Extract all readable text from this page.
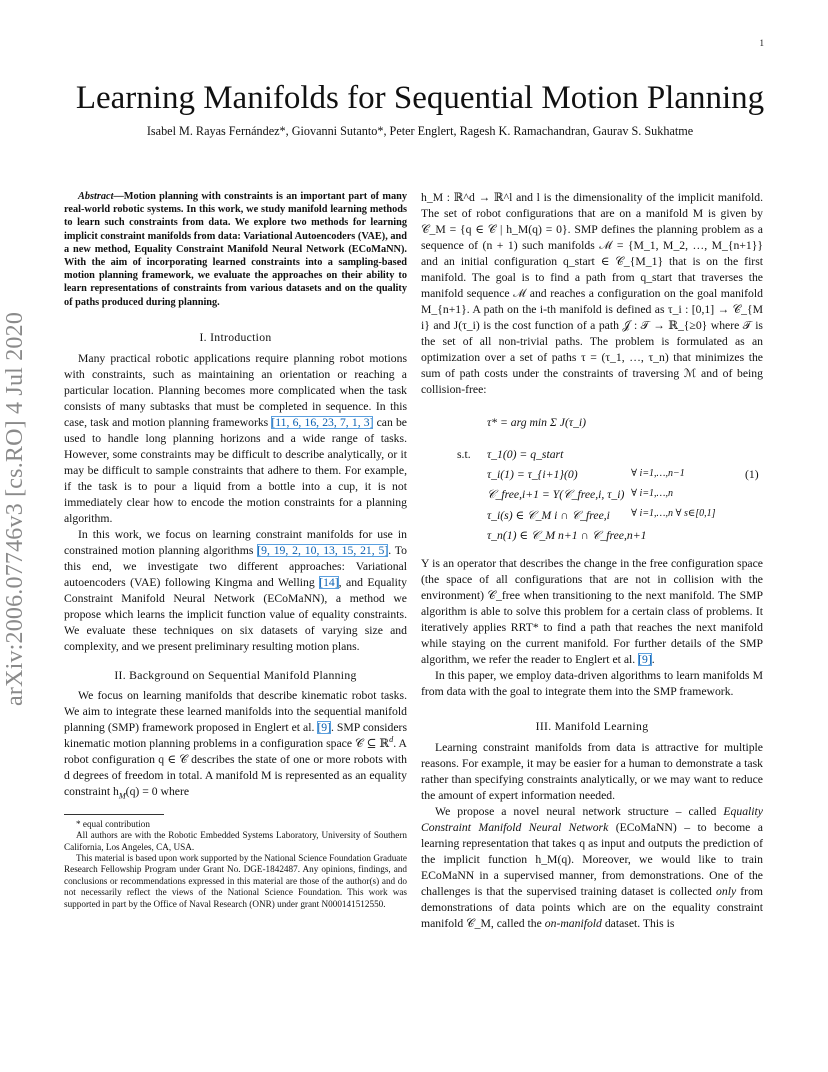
1
Learning Manifolds for Sequential Motion Planning
Isabel M. Rayas Fernández*, Giovanni Sutanto*, Peter Englert, Ragesh K. Ramachandran, Gaurav S. Sukhatme
arXiv:2006.07746v3 [cs.RO] 4 Jul 2020

Abstract—Motion planning with constraints is an important part of many real-world robotic systems. In this work, we study manifold learning methods to learn such constraints from data. We explore two methods for learning implicit constraint manifolds from data: Variational Autoencoders (VAE), and a new method, Equality Constraint Manifold Neural Network (ECoMaNN). With the aim of incorporating learned constraints into a sampling-based motion planning framework, we evaluate the approaches on their ability to learn representations of constraints from various datasets and on the quality of paths produced during planning.

I. Introduction

Many practical robotic applications require planning robot motions with constraints, such as maintaining an orientation or reaching a particular location. Planning becomes more complicated when the task consists of many subtasks that must be completed in sequence. In this case, task and motion planning frameworks [11, 6, 16, 23, 7, 1, 3] can be used to handle long planning horizons and a wide range of tasks. However, some constraints may be difficult to describe analytically, or it may be difficult to sample constraints that adhere to them. For example, if the task is to pour a liquid from a bottle into a cup, it is not immediately clear how to encode the motion constraints for a planning algorithm.

In this work, we focus on learning constraint manifolds for use in constrained motion planning algorithms [9, 19, 2, 10, 13, 15, 21, 5]. To this end, we investigate two different approaches: Variational autoencoders (VAE) following Kingma and Welling [14], and Equality Constraint Manifold Neural Network (ECoMaNN), a method we propose which learns the implicit function value of equality constraints. We evaluate these techniques on six datasets of varying size and complexity, and we present preliminary resulting motion plans.

II. Background on Sequential Manifold Planning

We focus on learning manifolds that describe kinematic robot tasks. We aim to integrate these learned manifolds into the sequential manifold planning (SMP) framework proposed in Englert et al. [9]. SMP considers kinematic motion planning problems in a configuration space 𝒞 ⊆ ℝ$^d$. A robot configuration q ∈ 𝒞 describes the state of one or more robots with d degrees of freedom in total. A manifold M is represented as an equality constraint $h_M(q) = 0$ where

* equal contribution
All authors are with the Robotic Embedded Systems Laboratory, University of Southern California, Los Angeles, CA, USA.
This material is based upon work supported by the National Science Foundation Graduate Research Fellowship Program under Grant No. DGE-1842487. Any opinions, findings, and conclusions or recommendations expressed in this material are those of the author(s) and do not necessarily reflect the views of the National Science Foundation. This work was supported in part by the Office of Naval Research (ONR) under grant N000141512550.

h_M : ℝ^d → ℝ^l and l is the dimensionality of the implicit manifold. The set of robot configurations that are on a manifold M is given by 𝒞_M = {q ∈ 𝒞 | h_M(q) = 0}. SMP defines the planning problem as a sequence of (n + 1) such manifolds ℳ = {M_1, M_2, …, M_{n+1}} and an initial configuration q_start ∈ 𝒞_{M_1} that is on the first manifold. The goal is to find a path from q_start that traverses the manifold sequence ℳ and reaches a configuration on the goal manifold M_{n+1}. A path on the i-th manifold is defined as τ_i : [0,1] → 𝒞_{M i} and J(τ_i) is the cost function of a path 𝒥 : 𝒯 → ℝ_{≥0} where 𝒯 is the set of all non-trivial paths. The problem is formulated as an optimization over a set of paths τ = (τ_1, …, τ_n) that minimizes the sum of path costs under the constraints of traversing ℳ and of being collision-free:

τ* = arg min Σ J(τ_i)
s.t. τ_1(0) = q_start
τ_i(1) = τ_{i+1}(0)
𝒞_free,i+1 = Υ(𝒞_free,i, τ_i)
τ_i(s) ∈ 𝒞_M i ∩ 𝒞_free,i
τ_n(1) ∈ 𝒞_M n+1 ∩ 𝒞_free,n+1
∀ i=1,…,n−1
∀ i=1,…,n
∀ i=1,…,n ∀ s∈[0,1]
(1)

Υ is an operator that describes the change in the free configuration space (the space of all configurations that are not in collision with the environment) 𝒞_free when transitioning to the next manifold. The SMP algorithm is able to solve this problem for a certain class of problems. It iteratively applies RRT* to find a path that reaches the next manifold while staying on the current manifold. For further details of the SMP algorithm, we refer the reader to Englert et al. [9].

In this paper, we employ data-driven algorithms to learn manifolds M from data with the goal to integrate them into the SMP framework.

III. Manifold Learning

Learning constraint manifolds from data is attractive for multiple reasons. For example, it may be easier for a human to demonstrate a task rather than specifying constraints analytically, or we may want to reduce the amount of expert information needed.

We propose a novel neural network structure – called Equality Constraint Manifold Neural Network (ECoMaNN) – to become a learning representation that takes q as input and outputs the prediction of the implicit function h_M(q). Moreover, we would like to train ECoMaNN in a supervised manner, from demonstrations. One of the challenges is that the supervised training dataset is collected only from demonstrations of data points which are on the equality constraint manifold 𝒞_M, called the on-manifold dataset. This is
